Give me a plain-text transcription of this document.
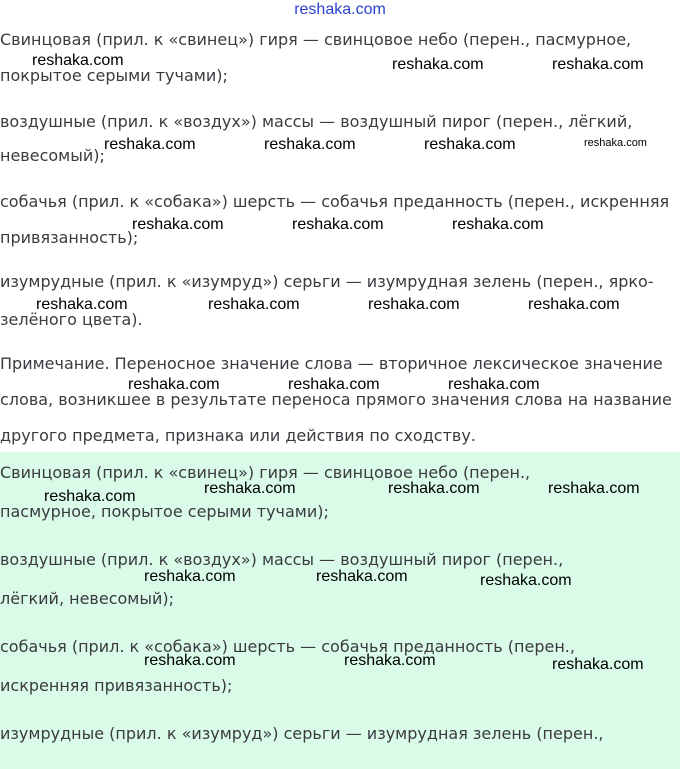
reshaka.com
Свинцовая (прил. к «свинец») гиря — свинцовое небо (перен., пасмурное,
покрытое серыми тучами);
воздушные (прил. к «воздух») массы — воздушный пирог (перен., лёгкий,
невесомый);
собачья (прил. к «собака») шерсть — собачья преданность (перен., искренняя
привязанность);
изумрудные (прил. к «изумруд») серьги — изумрудная зелень (перен., ярко-
зелёного цвета).
Примечание. Переносное значение слова — вторичное лексическое значение
слова, возникшее в результате переноса прямого значения слова на название
другого предмета, признака или действия по сходству.
Свинцовая (прил. к «свинец») гиря — свинцовое небо (перен.,
пасмурное, покрытое серыми тучами);
воздушные (прил. к «воздух») массы — воздушный пирог (перен.,
лёгкий, невесомый);
собачья (прил. к «собака») шерсть — собачья преданность (перен.,
искренняя привязанность);
изумрудные (прил. к «изумруд») серьги — изумрудная зелень (перен.,
reshaka.com	reshaka.com	reshaka.com
reshaka.com	reshaka.com	reshaka.com	reshaka.com
reshaka.com	reshaka.com	reshaka.com
reshaka.com	reshaka.com	reshaka.com	reshaka.com
reshaka.com	reshaka.com	reshaka.com
reshaka.com	reshaka.com	reshaka.com	reshaka.com
reshaka.com	reshaka.com	reshaka.com
reshaka.com	reshaka.com	reshaka.com
